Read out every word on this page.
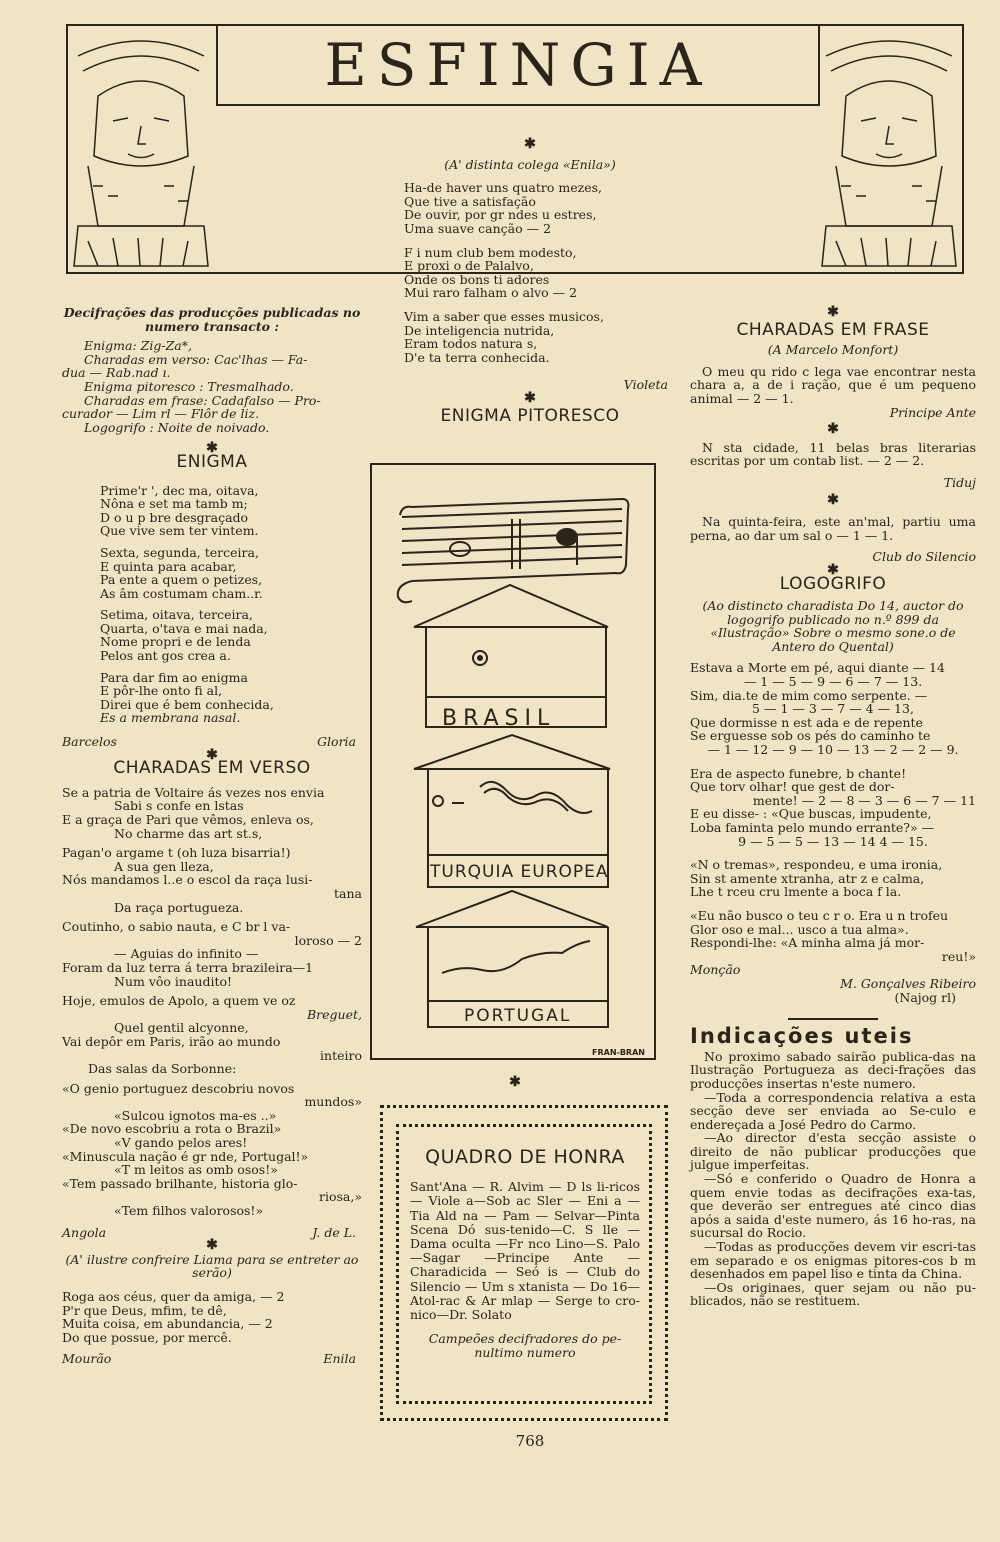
ESFINGIA

Decifrações das producções publicadas no numero transacto :

Enigma: Zig-Za*,

Charadas em verso: Cac'lhas — Fa-

dua — Rab.nad ı.

Enigma pitoresco : Tresmalhado.

Charadas em frase: Cadafalso — Pro-

curador — Lim rl — Flôr de liz.

Logogrifo : Noite de noivado.

✱

ENIGMA

Prime'r ', dec ma, oitava,

Nôna e set ma tamb m;

D o u p bre desgraçado

Que vive sem ter vintem.

Sexta, segunda, terceira,

E quinta para acabar,

Pa ente a quem o petizes,

As âm costumam cham..r.

Setima, oitava, terceira,

Quarta, o'tava e mai nada,

Nome propri e de lenda

Pelos ant gos crea a.

Para dar fim ao enigma

E pôr-lhe onto fi al,

Direi que é bem conhecida,

Es a membrana nasal.

Barcelos	Gloria

✱

CHARADAS EM VERSO

Se a patria de Voltaire ás vezes nos envia

Sabi s confe en lstas

E a graça de Pari que vêmos, enleva os,

No charme das art st.s,

Pagan'o argame t (oh luza bisarria!)

A sua gen lleza,

Nós mandamos l..e o escol da raça lusi-

tana

Da raça portugueza.

Coutinho, o sabio nauta, e C br l va-

loroso — 2

— Aguias do infinito —

Foram da luz terra á terra brazileira—1

Num vôo inaudito!

Hoje, emulos de Apolo, a quem ve oz

Breguet,

Quel gentil alcyonne,

Vai depôr em Paris, irão ao mundo

inteiro

Das salas da Sorbonne:

«O genio portuguez descobriu novos

mundos»

«Sulcou ignotos ma-es ..»

«De novo escobriu a rota o Brazil»

«V gando pelos ares!

«Minuscula nação é gr nde, Portugal!»

«T m leitos as omb osos!»

«Tem passado brilhante, historia glo-

riosa,»

«Tem filhos valorosos!»

Angola	J. de L.

✱

(A' ilustre confreire Liama para se entreter ao serão)

Roga aos céus, quer da amiga, — 2

P'r que Deus, mfim, te dê,

Muita coisa, em abundancia, — 2

Do que possue, por mercê.

Mourão	Enila

✱

(A' distinta colega «Enila»)

Ha-de haver uns quatro mezes,

Que tive a satisfação

De ouvir, por gr ndes u estres,

Uma suave canção — 2

F i num club bem modesto,

E proxi o de Palalvo,

Onde os bons ti adores

Mui raro falham o alvo — 2

Vim a saber que esses musicos,

De inteligencia nutrida,

Eram todos natura s,

D'e ta terra conhecida.

Violeta

✱

ENIGMA PITORESCO

BRASIL
TURQUIA EUROPEA
PORTUGAL
FRAN-BRAN

✱

QUADRO DE HONRA

Sant'Ana — R. Alvim — D ls li-ricos — Viole a—Sob ac Sler — Eni a — Tia Ald na — Pam — Selvar—Pinta Scena Dó sus-tenido—C. S lle —Dama oculta —Fr nco Lino—S. Palo—Sagar —Principe Ante — Charadicida — Seó is — Club do Silencio — Um s xtanista — Do 16— Atol-rac & Ar mlap — Serge to cro-nico—Dr. Solato

Campeões decifradores do pe-nultimo numero

768

✱

CHARADAS EM FRASE

(A Marcelo Monfort)

O meu qu rido c lega vae encontrar nesta chara a, a de i ração, que é um pequeno animal — 2 — 1.

Principe Ante

✱

N sta cidade, 11 belas bras literarias escritas por um contab list. — 2 — 2.

Tiduj

✱

Na quinta-feira, este an'mal, partiu uma perna, ao dar um sal o — 1 — 1.

Club do Silencio

✱

LOGOGRIFO

(Ao distincto charadista Do 14, auctor do logogrifo publicado no n.º 899 da «Ilustração» Sobre o mesmo sone.o de Antero do Quental)

Estava a Morte em pé, aqui diante — 14

— 1 — 5 — 9 — 6 — 7 — 13.

Sim, dia.te de mim como serpente. —

5 — 1 — 3 — 7 — 4 — 13,

Que dormisse n est ada e de repente

Se erguesse sob os pés do caminho te

— 1 — 12 — 9 — 10 — 13 — 2 — 2 — 9.

Era de aspecto funebre, b chante!

Que torv olhar! que gest de dor-

mente! — 2 — 8 — 3 — 6 — 7 — 11

E eu disse- : «Que buscas, impudente,

Loba faminta pelo mundo errante?» —

9 — 5 — 5 — 13 — 14 4 — 15.

«N o tremas», respondeu, e uma ironia,

Sin st amente xtranha, atr z e calma,

Lhe t rceu cru lmente a boca f la.

«Eu não busco o teu c r o. Era u n trofeu

Glor oso e mal... usco a tua alma».

Respondi-lhe: «A minha alma já mor-

reu!»

Monção

M. Gonçalves Ribeiro

(Najog rl)

Indicações uteis

No proximo sabado sairão publica-das na Ilustração Portugueza as deci-frações das producções insertas n'este numero.

—Toda a correspondencia relativa a esta secção deve ser enviada ao Se-culo e endereçada a José Pedro do Carmo.

—Ao director d'esta secção assiste o direito de não publicar producções que julgue imperfeitas.

—Só e conferido o Quadro de Honra a quem envie todas as decifrações exa-tas, que deverão ser entregues até cinco dias após a saida d'este numero, ás 16 ho-ras, na sucursal do Rocio.

—Todas as producções devem vir escri-tas em separado e os enigmas pitores-cos b m desenhados em papel liso e tinta da China.

—Os originaes, quer sejam ou não pu-blicados, não se restituem.
